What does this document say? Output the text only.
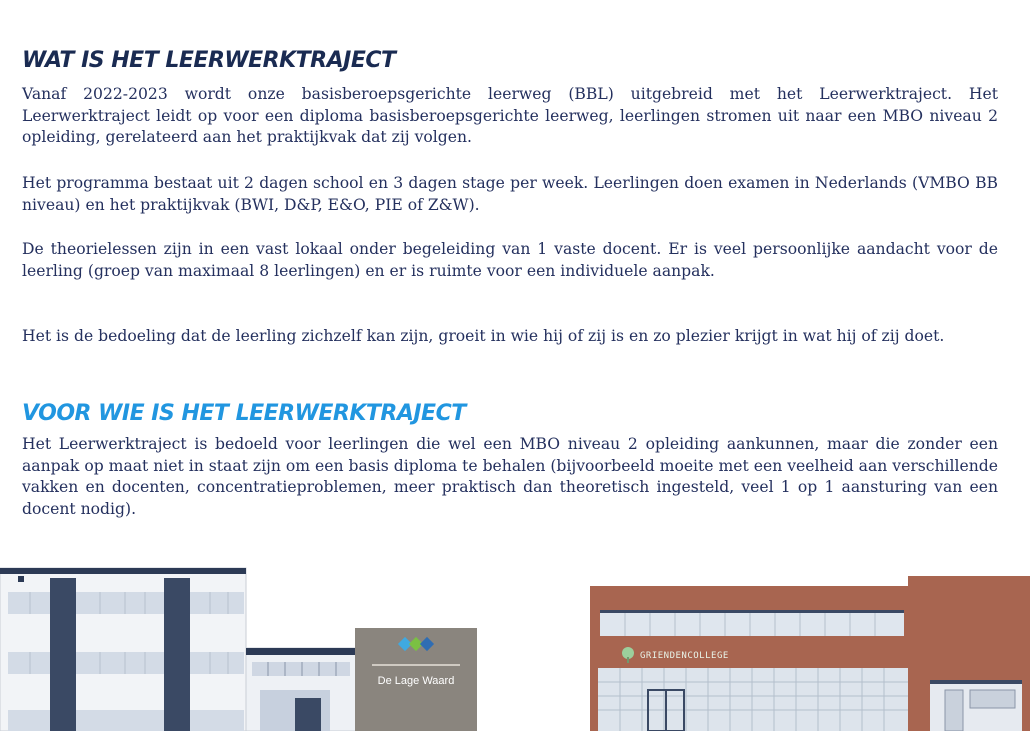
WAT IS HET LEERWERKTRAJECT

Vanaf 2022-2023 wordt onze basisberoepsgerichte leerweg (BBL) uitgebreid met het Leerwerktraject. Het Leerwerktraject leidt op voor een diploma basisberoepsgerichte leerweg, leerlingen stromen uit naar een MBO niveau 2 opleiding, gerelateerd aan het praktijkvak dat zij volgen.

Het programma bestaat uit 2 dagen school en 3 dagen stage per week. Leerlingen doen examen in Nederlands (VMBO BB niveau) en het praktijkvak (BWI, D&P, E&O, PIE of Z&W).

De theorielessen zijn in een vast lokaal onder begeleiding van 1 vaste docent. Er is veel persoonlijke aandacht voor de leerling (groep van maximaal 8 leerlingen) en er is ruimte voor een individuele aanpak.

Het is de bedoeling dat de leerling zichzelf kan zijn, groeit in wie hij of zij is en zo plezier krijgt in wat hij of zij doet.

VOOR WIE IS HET LEERWERKTRAJECT

Het Leerwerktraject is bedoeld voor leerlingen die wel een MBO niveau 2 opleiding aankunnen, maar die zonder een aanpak op maat niet in staat zijn om een basis diploma te behalen (bijvoorbeeld moeite met een veelheid aan verschillende vakken en docenten, concentratieproblemen, meer praktisch dan theoretisch ingesteld, veel 1 op 1 aansturing van een docent nodig).

De Lage Waard
GRIENDENCOLLEGE
